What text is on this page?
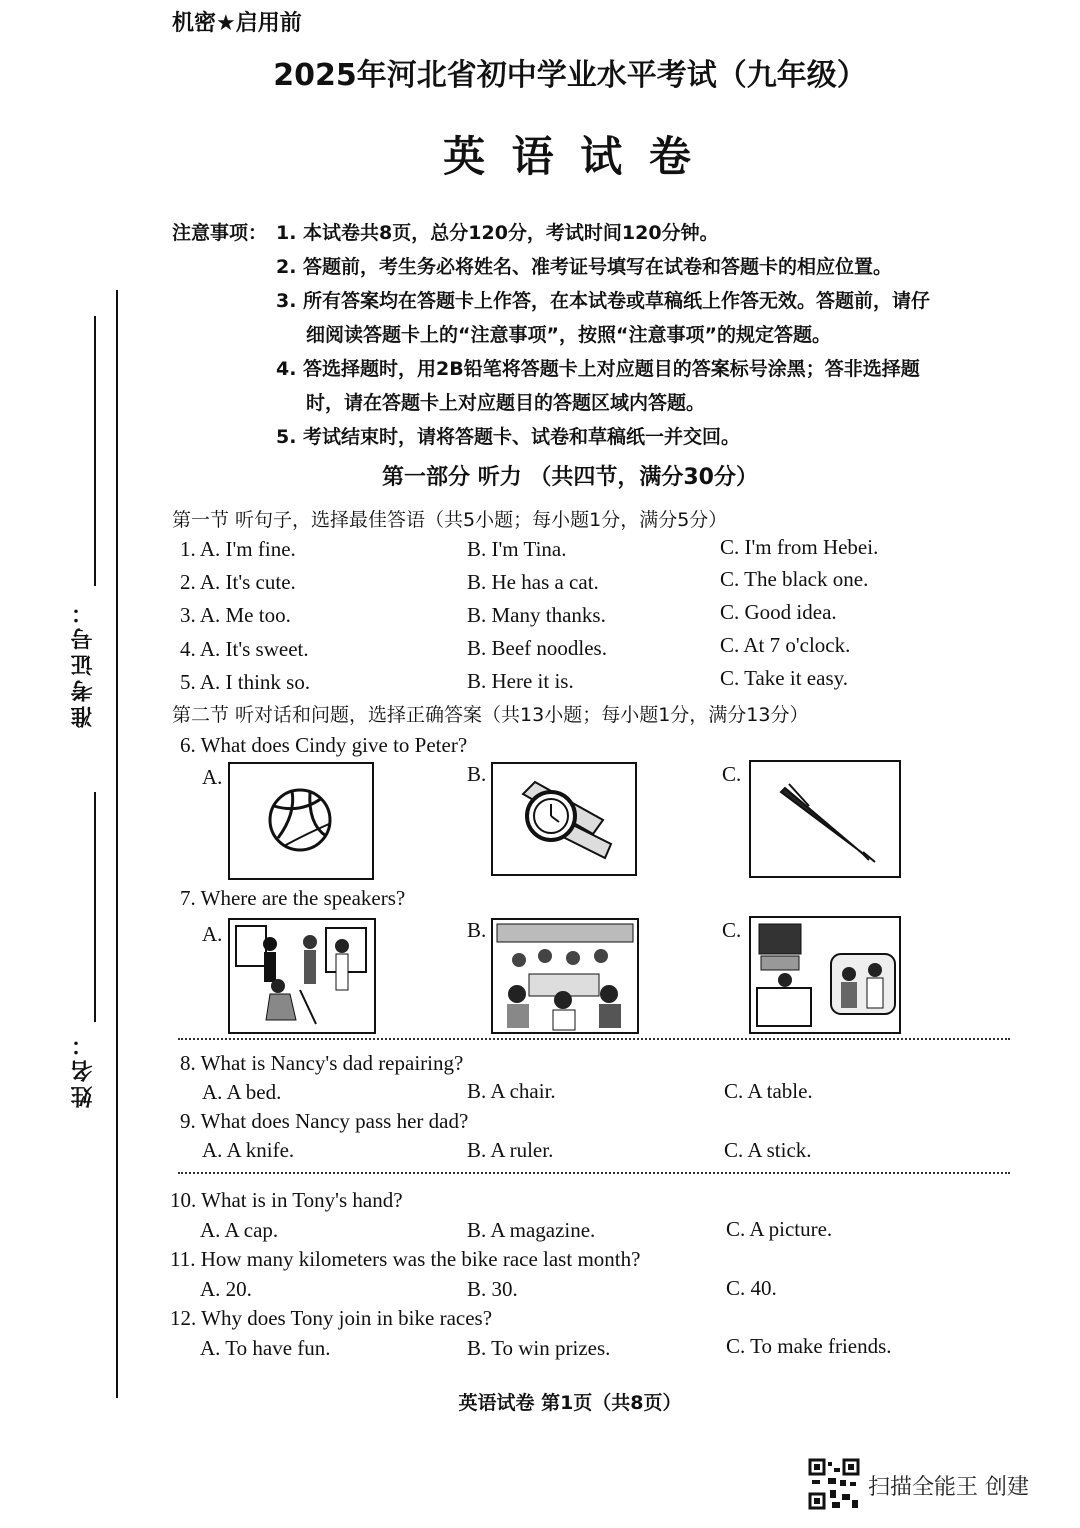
机密★启用前
2025年河北省初中学业水平考试（九年级）
英 语 试 卷
注意事项： 1. 本试卷共8页，总分120分，考试时间120分钟。
2. 答题前，考生务必将姓名、准考证号填写在试卷和答题卡的相应位置。
3. 所有答案均在答题卡上作答，在本试卷或草稿纸上作答无效。答题前，请仔
细阅读答题卡上的“注意事项”，按照“注意事项”的规定答题。
4. 答选择题时，用2B铅笔将答题卡上对应题目的答案标号涂黑；答非选择题
时，请在答题卡上对应题目的答题区域内答题。
5. 考试结束时，请将答题卡、试卷和草稿纸一并交回。
准考证号：
姓名：
第一部分 听力 （共四节，满分30分）
第一节 听句子，选择最佳答语（共5小题；每小题1分，满分5分）
1. A. I'm fine.	B. I'm Tina.	C. I'm from Hebei.
2. A. It's cute.	B. He has a cat.	C. The black one.
3. A. Me too.	B. Many thanks.	C. Good idea.
4. A. It's sweet.	B. Beef noodles.	C. At 7 o'clock.
5. A. I think so.	B. Here it is.	C. Take it easy.
第二节 听对话和问题，选择正确答案（共13小题；每小题1分，满分13分）
6. What does Cindy give to Peter?
A.	B.	C.
7. Where are the speakers?
A.	B.	C.
8. What is Nancy's dad repairing?
A. A bed.	B. A chair.	C. A table.
9. What does Nancy pass her dad?
A. A knife.	B. A ruler.	C. A stick.
10. What is in Tony's hand?
A. A cap.	B. A magazine.	C. A picture.
11. How many kilometers was the bike race last month?
A. 20.	B. 30.	C. 40.
12. Why does Tony join in bike races?
A. To have fun.	B. To win prizes.	C. To make friends.
英语试卷 第1页（共8页）
扫描全能王 创建
